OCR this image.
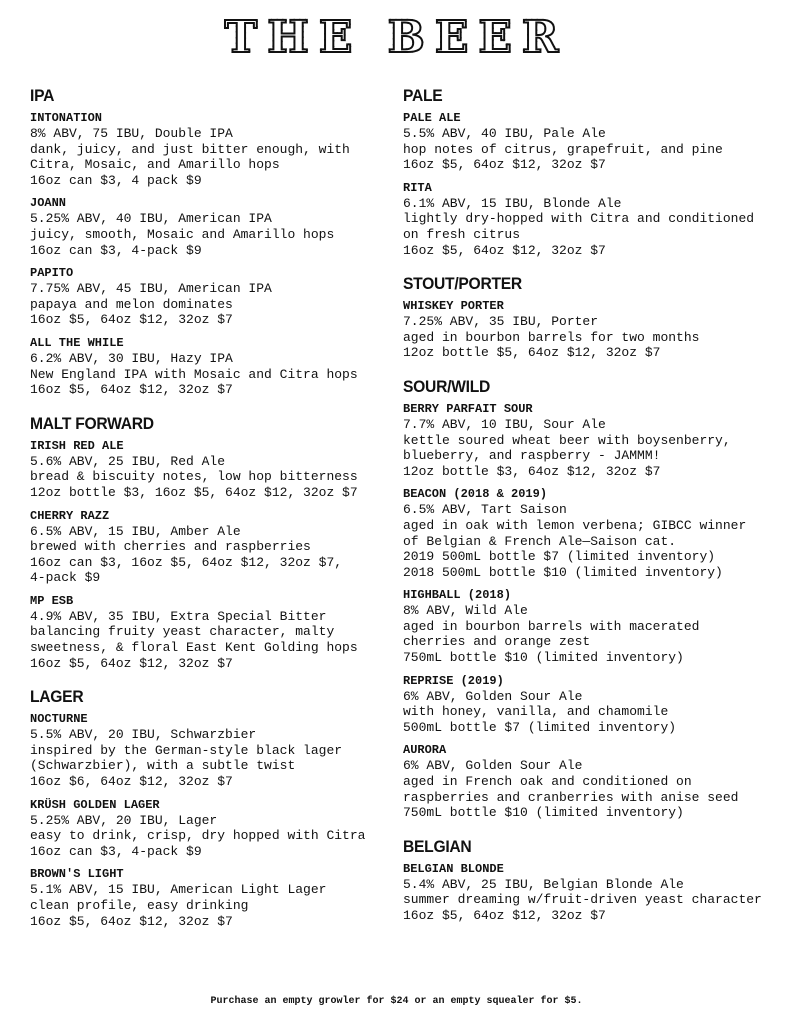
THE BEER
IPA
INTONATION
8% ABV, 75 IBU, Double IPA
dank, juicy, and just bitter enough, with
Citra, Mosaic, and Amarillo hops
16oz can $3, 4 pack $9
JOANN
5.25% ABV, 40 IBU, American IPA
juicy, smooth, Mosaic and Amarillo hops
16oz can $3, 4-pack $9
PAPITO
7.75% ABV, 45 IBU, American IPA
papaya and melon dominates
16oz $5, 64oz $12, 32oz $7
ALL THE WHILE
6.2% ABV, 30 IBU, Hazy IPA
New England IPA with Mosaic and Citra hops
16oz $5, 64oz $12, 32oz $7
MALT FORWARD
IRISH RED ALE
5.6% ABV, 25 IBU, Red Ale
bread & biscuity notes, low hop bitterness
12oz bottle $3, 16oz $5, 64oz $12, 32oz $7
CHERRY RAZZ
6.5% ABV, 15 IBU, Amber Ale
brewed with cherries and raspberries
16oz can $3, 16oz $5, 64oz $12, 32oz $7,
4-pack $9
MP ESB
4.9% ABV, 35 IBU, Extra Special Bitter
balancing fruity yeast character, malty
sweetness, & floral East Kent Golding hops
16oz $5, 64oz $12, 32oz $7
LAGER
NOCTURNE
5.5% ABV, 20 IBU, Schwarzbier
inspired by the German-style black lager
(Schwarzbier), with a subtle twist
16oz $6, 64oz $12, 32oz $7
KRÜSH GOLDEN LAGER
5.25% ABV, 20 IBU, Lager
easy to drink, crisp, dry hopped with Citra
16oz can $3, 4-pack $9
BROWN'S LIGHT
5.1% ABV, 15 IBU, American Light Lager
clean profile, easy drinking
16oz $5, 64oz $12, 32oz $7
PALE
PALE ALE
5.5% ABV, 40 IBU, Pale Ale
hop notes of citrus, grapefruit, and pine
16oz $5, 64oz $12, 32oz $7
RITA
6.1% ABV, 15 IBU, Blonde Ale
lightly dry-hopped with Citra and conditioned
on fresh citrus
16oz $5, 64oz $12, 32oz $7
STOUT/PORTER
WHISKEY PORTER
7.25% ABV, 35 IBU, Porter
aged in bourbon barrels for two months
12oz bottle $5, 64oz $12, 32oz $7
SOUR/WILD
BERRY PARFAIT SOUR
7.7% ABV, 10 IBU, Sour Ale
kettle soured wheat beer with boysenberry,
blueberry, and raspberry - JAMMM!
12oz bottle $3, 64oz $12, 32oz $7
BEACON (2018 & 2019)
6.5% ABV, Tart Saison
aged in oak with lemon verbena; GIBCC winner
of Belgian & French Ale—Saison cat.
2019 500mL bottle $7 (limited inventory)
2018 500mL bottle $10 (limited inventory)
HIGHBALL (2018)
8% ABV, Wild Ale
aged in bourbon barrels with macerated
cherries and orange zest
750mL bottle $10 (limited inventory)
REPRISE (2019)
6% ABV, Golden Sour Ale
with honey, vanilla, and chamomile
500mL bottle $7 (limited inventory)
AURORA
6% ABV, Golden Sour Ale
aged in French oak and conditioned on
raspberries and cranberries with anise seed
750mL bottle $10 (limited inventory)
BELGIAN
BELGIAN BLONDE
5.4% ABV, 25 IBU, Belgian Blonde Ale
summer dreaming w/fruit-driven yeast character
16oz $5, 64oz $12, 32oz $7
Purchase an empty growler for $24 or an empty squealer for $5.
